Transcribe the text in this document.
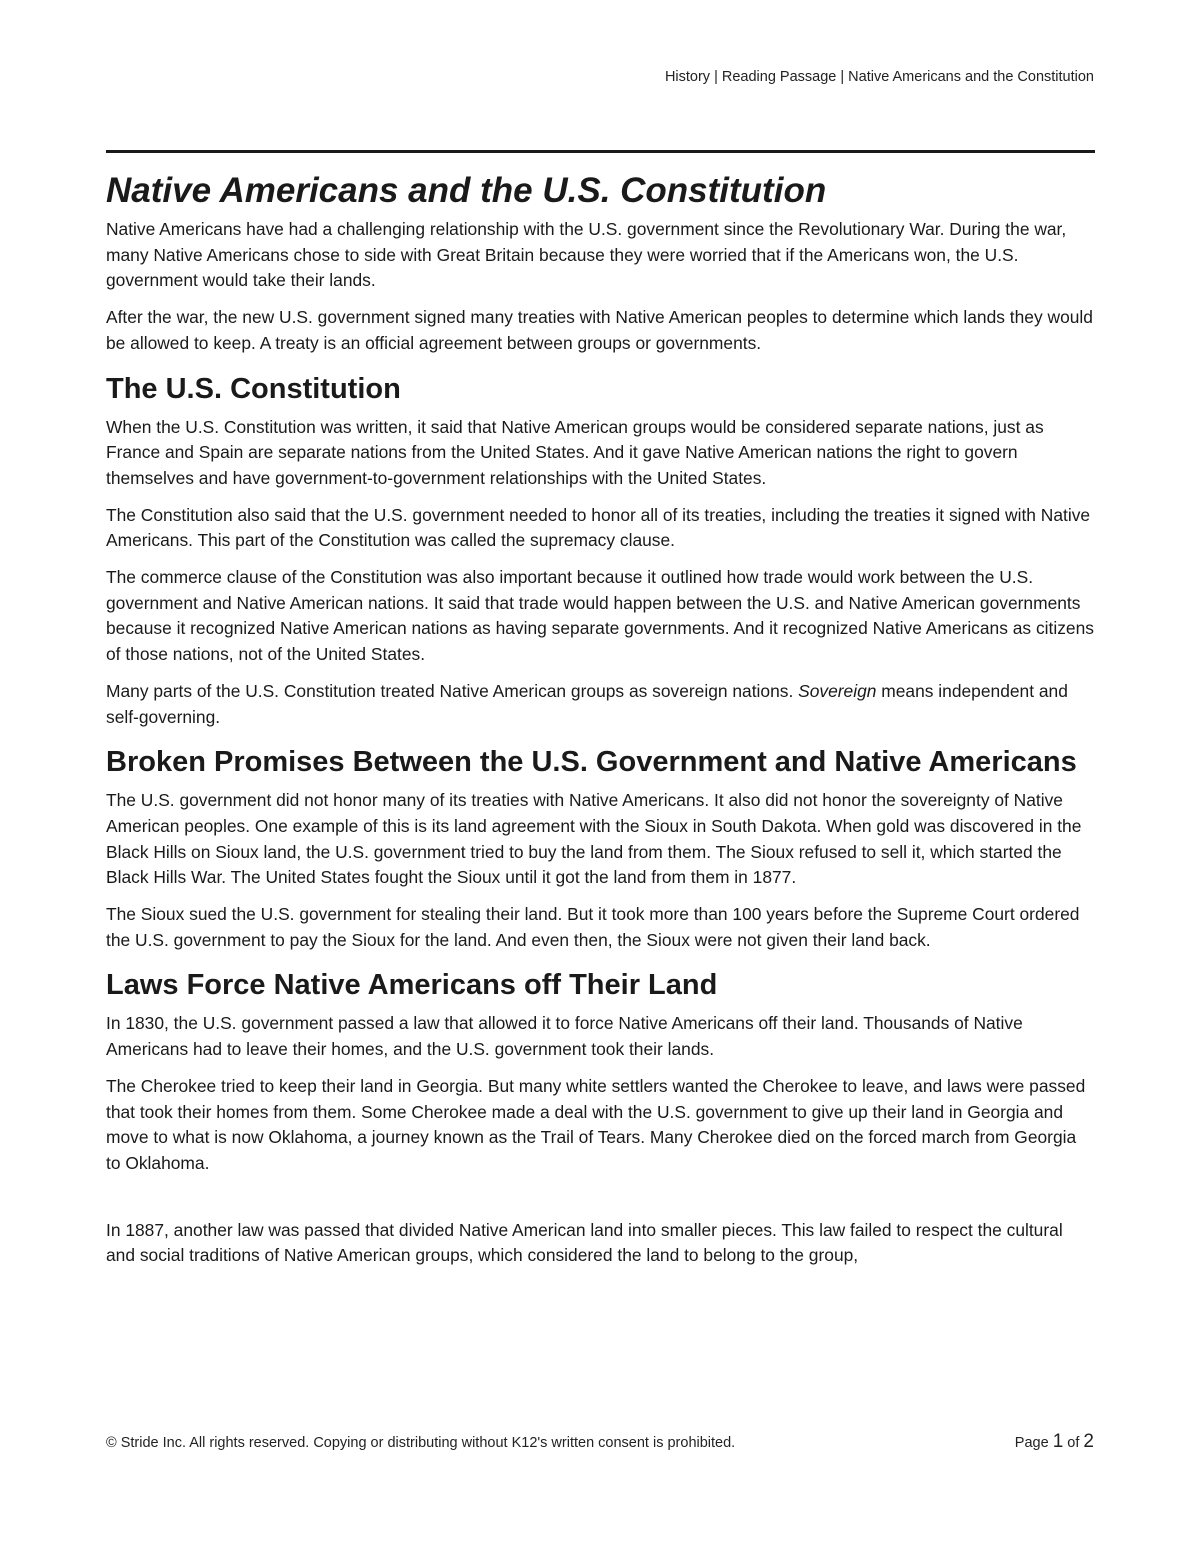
History | Reading Passage | Native Americans and the Constitution
Native Americans and the U.S. Constitution

Native Americans have had a challenging relationship with the U.S. government since the Revolutionary War. During the war, many Native Americans chose to side with Great Britain because they were worried that if the Americans won, the U.S. government would take their lands.

After the war, the new U.S. government signed many treaties with Native American peoples to determine which lands they would be allowed to keep. A treaty is an official agreement between groups or governments.

The U.S. Constitution

When the U.S. Constitution was written, it said that Native American groups would be considered separate nations, just as France and Spain are separate nations from the United States. And it gave Native American nations the right to govern themselves and have government-to-government relationships with the United States.

The Constitution also said that the U.S. government needed to honor all of its treaties, including the treaties it signed with Native Americans. This part of the Constitution was called the supremacy clause.

The commerce clause of the Constitution was also important because it outlined how trade would work between the U.S. government and Native American nations. It said that trade would happen between the U.S. and Native American governments because it recognized Native American nations as having separate governments. And it recognized Native Americans as citizens of those nations, not of the United States.

Many parts of the U.S. Constitution treated Native American groups as sovereign nations. Sovereign means independent and self-governing.

Broken Promises Between the U.S. Government and Native Americans

The U.S. government did not honor many of its treaties with Native Americans. It also did not honor the sovereignty of Native American peoples. One example of this is its land agreement with the Sioux in South Dakota. When gold was discovered in the Black Hills on Sioux land, the U.S. government tried to buy the land from them. The Sioux refused to sell it, which started the Black Hills War. The United States fought the Sioux until it got the land from them in 1877.

The Sioux sued the U.S. government for stealing their land. But it took more than 100 years before the Supreme Court ordered the U.S. government to pay the Sioux for the land. And even then, the Sioux were not given their land back.

Laws Force Native Americans off Their Land

In 1830, the U.S. government passed a law that allowed it to force Native Americans off their land. Thousands of Native Americans had to leave their homes, and the U.S. government took their lands.

The Cherokee tried to keep their land in Georgia. But many white settlers wanted the Cherokee to leave, and laws were passed that took their homes from them. Some Cherokee made a deal with the U.S. government to give up their land in Georgia and move to what is now Oklahoma, a journey known as the Trail of Tears. Many Cherokee died on the forced march from Georgia to Oklahoma.

In 1887, another law was passed that divided Native American land into smaller pieces. This law failed to respect the cultural and social traditions of Native American groups, which considered the land to belong to the group,

© Stride Inc. All rights reserved. Copying or distributing without K12's written consent is prohibited.	Page 1 of 2
